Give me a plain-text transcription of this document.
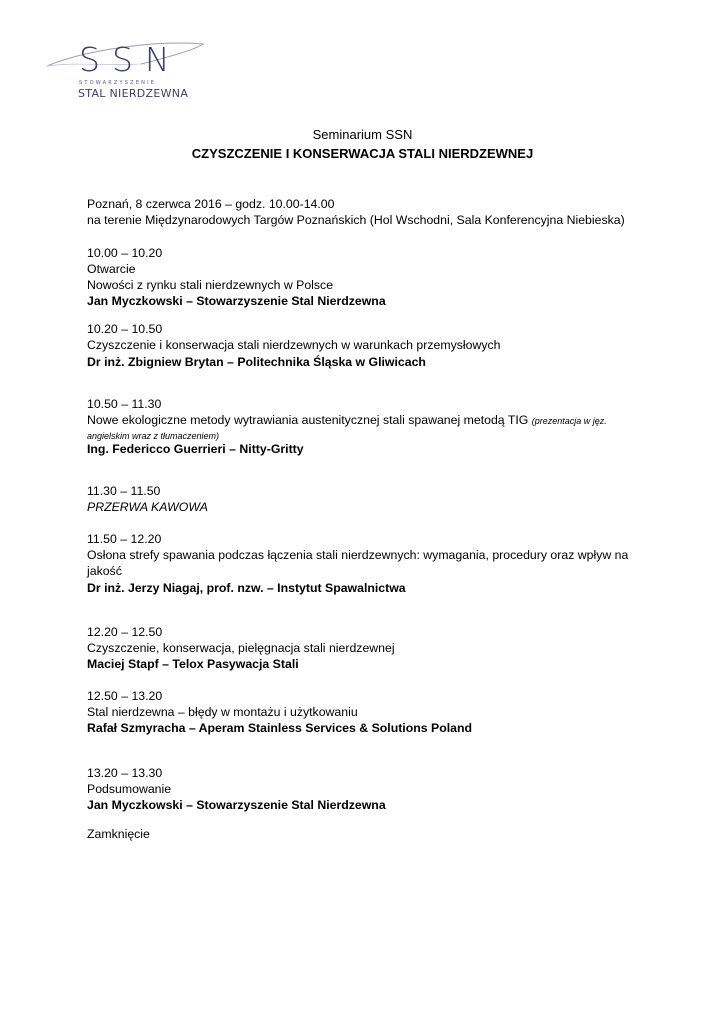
SSN
STOWARZYSZENIE
STAL NIERDZEWNA
Seminarium SSN
CZYSZCZENIE I KONSERWACJA STALI NIERDZEWNEJ
Poznań, 8 czerwca 2016 – godz. 10.00-14.00
na terenie Międzynarodowych Targów Poznańskich (Hol Wschodni, Sala Konferencyjna Niebieska)
10.00 – 10.20
Otwarcie
Nowości z rynku stali nierdzewnych w Polsce
Jan Myczkowski – Stowarzyszenie Stal Nierdzewna
10.20 – 10.50
Czyszczenie i konserwacja stali nierdzewnych w warunkach przemysłowych
Dr inż. Zbigniew Brytan – Politechnika Śląska w Gliwicach
10.50 – 11.30
Nowe ekologiczne metody wytrawiania austenitycznej stali spawanej metodą TIG (prezentacja w jęz.
angielskim wraz z tłumaczeniem)
Ing. Federicco Guerrieri – Nitty-Gritty
11.30 – 11.50
PRZERWA KAWOWA
11.50 – 12.20
Osłona strefy spawania podczas łączenia stali nierdzewnych: wymagania, procedury oraz wpływ na
jakość
Dr inż. Jerzy Niagaj, prof. nzw. – Instytut Spawalnictwa
12.20 – 12.50
Czyszczenie, konserwacja, pielęgnacja stali nierdzewnej
Maciej Stapf – Telox Pasywacja Stali
12.50 – 13.20
Stal nierdzewna – błędy w montażu i użytkowaniu
Rafał Szmyracha – Aperam Stainless Services & Solutions Poland
13.20 – 13.30
Podsumowanie
Jan Myczkowski – Stowarzyszenie Stal Nierdzewna
Zamknięcie
